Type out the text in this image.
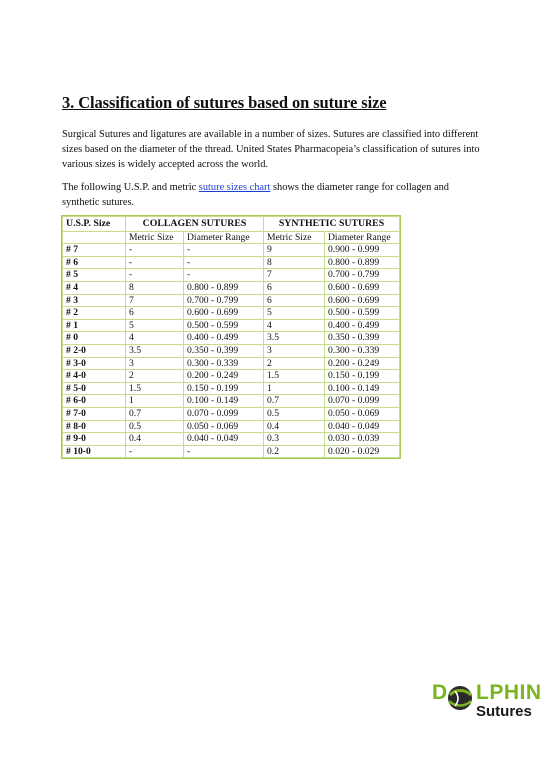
3. Classification of sutures based on suture size

Surgical Sutures and ligatures are available in a number of sizes. Sutures are classified into different sizes based on the diameter of the thread. United States Pharmacopeia’s classification of sutures into various sizes is widely accepted across the world.

The following U.S.P. and metric suture sizes chart shows the diameter range for collagen and synthetic sutures.

U.S.P. Size	COLLAGEN SUTURES		SYNTHETIC SUTURES	
	Metric Size	Diameter Range	Metric Size	Diameter Range
# 7	-	-	9	0.900 - 0.999
# 6	-	-	8	0.800 - 0.899
# 5	-	-	7	0.700 - 0.799
# 4	8	0.800 - 0.899	6	0.600 - 0.699
# 3	7	0.700 - 0.799	6	0.600 - 0.699
# 2	6	0.600 - 0.699	5	0.500 - 0.599
# 1	5	0.500 - 0.599	4	0.400 - 0.499
# 0	4	0.400 - 0.499	3.5	0.350 - 0.399
# 2-0	3.5	0.350 - 0.399	3	0.300 - 0.339
# 3-0	3	0.300 - 0.339	2	0.200 - 0.249
# 4-0	2	0.200 - 0.249	1.5	0.150 - 0.199
# 5-0	1.5	0.150 - 0.199	1	0.100 - 0.149
# 6-0	1	0.100 - 0.149	0.7	0.070 - 0.099
# 7-0	0.7	0.070 - 0.099	0.5	0.050 - 0.069
# 8-0	0.5	0.050 - 0.069	0.4	0.040 - 0.049
# 9-0	0.4	0.040 - 0.049	0.3	0.030 - 0.039
# 10-0	-	-	0.2	0.020 - 0.029
D LPHIN
Sutures
